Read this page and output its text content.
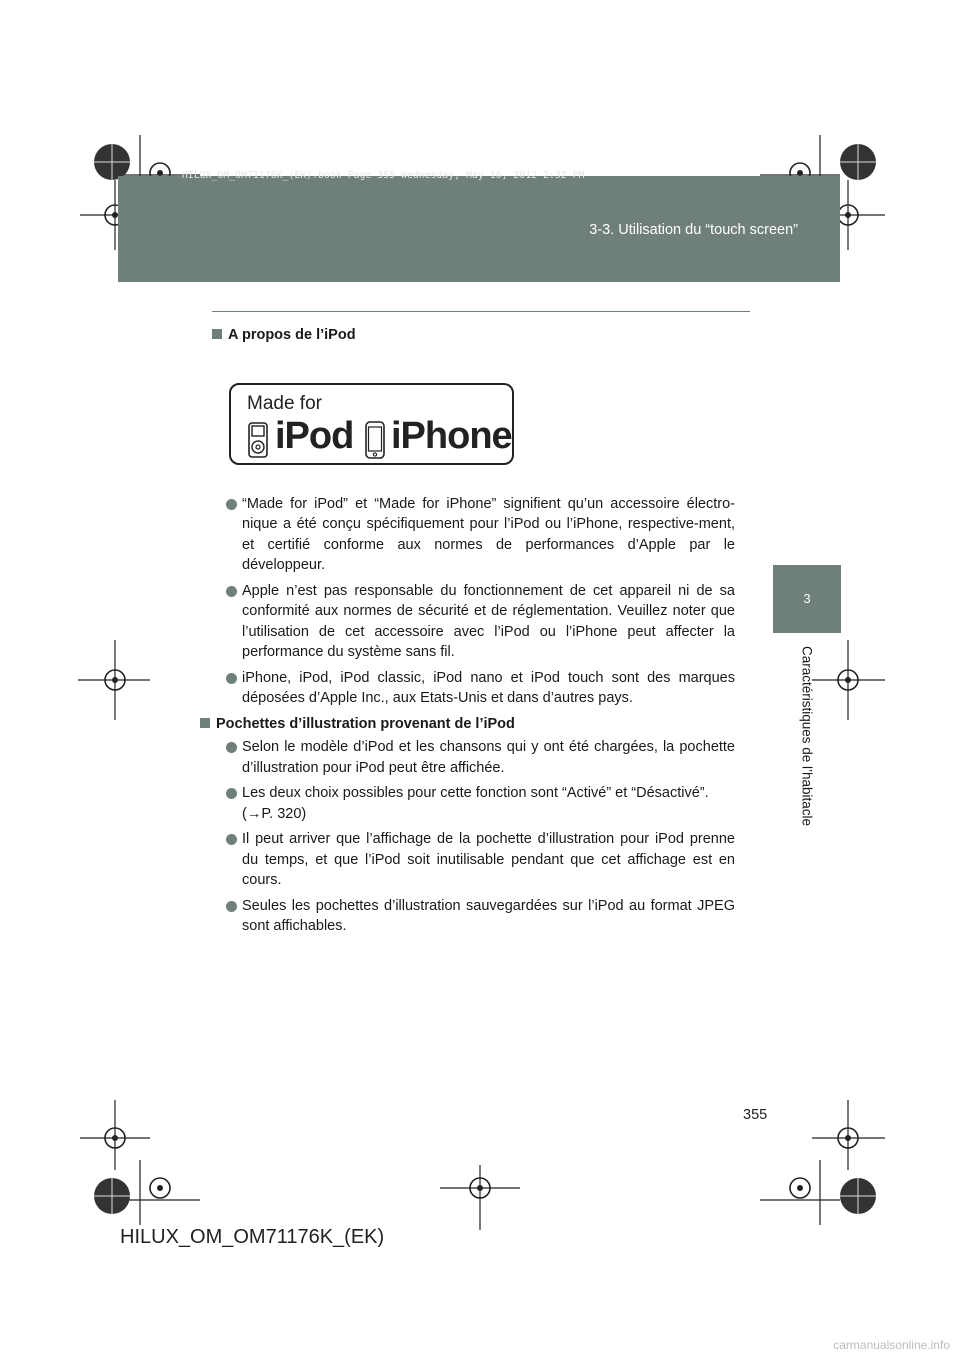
3-3. Utilisation du “touch screen”
HILUX_OM_OM71176K_(EK).book Page 355 Wednesday, May 16, 2012 2:32 PM
3
Caractéristiques de l’habitacle

A propos de l’iPod

“Made for iPod” et “Made for iPhone” signifient qu’un accessoire électro-nique a été conçu spécifiquement pour l’iPod ou l’iPhone, respective-ment, et certifié conforme aux normes de performances d’Apple par le développeur.

Apple n’est pas responsable du fonctionnement de cet appareil ni de sa conformité aux normes de sécurité et de réglementation. Veuillez noter que l’utilisation de cet accessoire avec l’iPod ou l’iPhone peut affecter la performance du système sans fil.

iPhone, iPod, iPod classic, iPod nano et iPod touch sont des marques déposées d’Apple Inc., aux Etats-Unis et dans d’autres pays.

Pochettes d’illustration provenant de l’iPod

Selon le modèle d’iPod et les chansons qui y ont été chargées, la pochette d’illustration pour iPod peut être affichée.

Les deux choix possibles pour cette fonction sont “Activé” et “Désactivé”.
(→P. 320)

Il peut arriver que l’affichage de la pochette d’illustration pour iPod prenne du temps, et que l’iPod soit inutilisable pendant que cet affichage est en cours.

Seules les pochettes d’illustration sauvegardées sur l’iPod au format JPEG sont affichables.

Made for
iPod iPhone
355
HILUX_OM_OM71176K_(EK)
carmanualsonline.info
